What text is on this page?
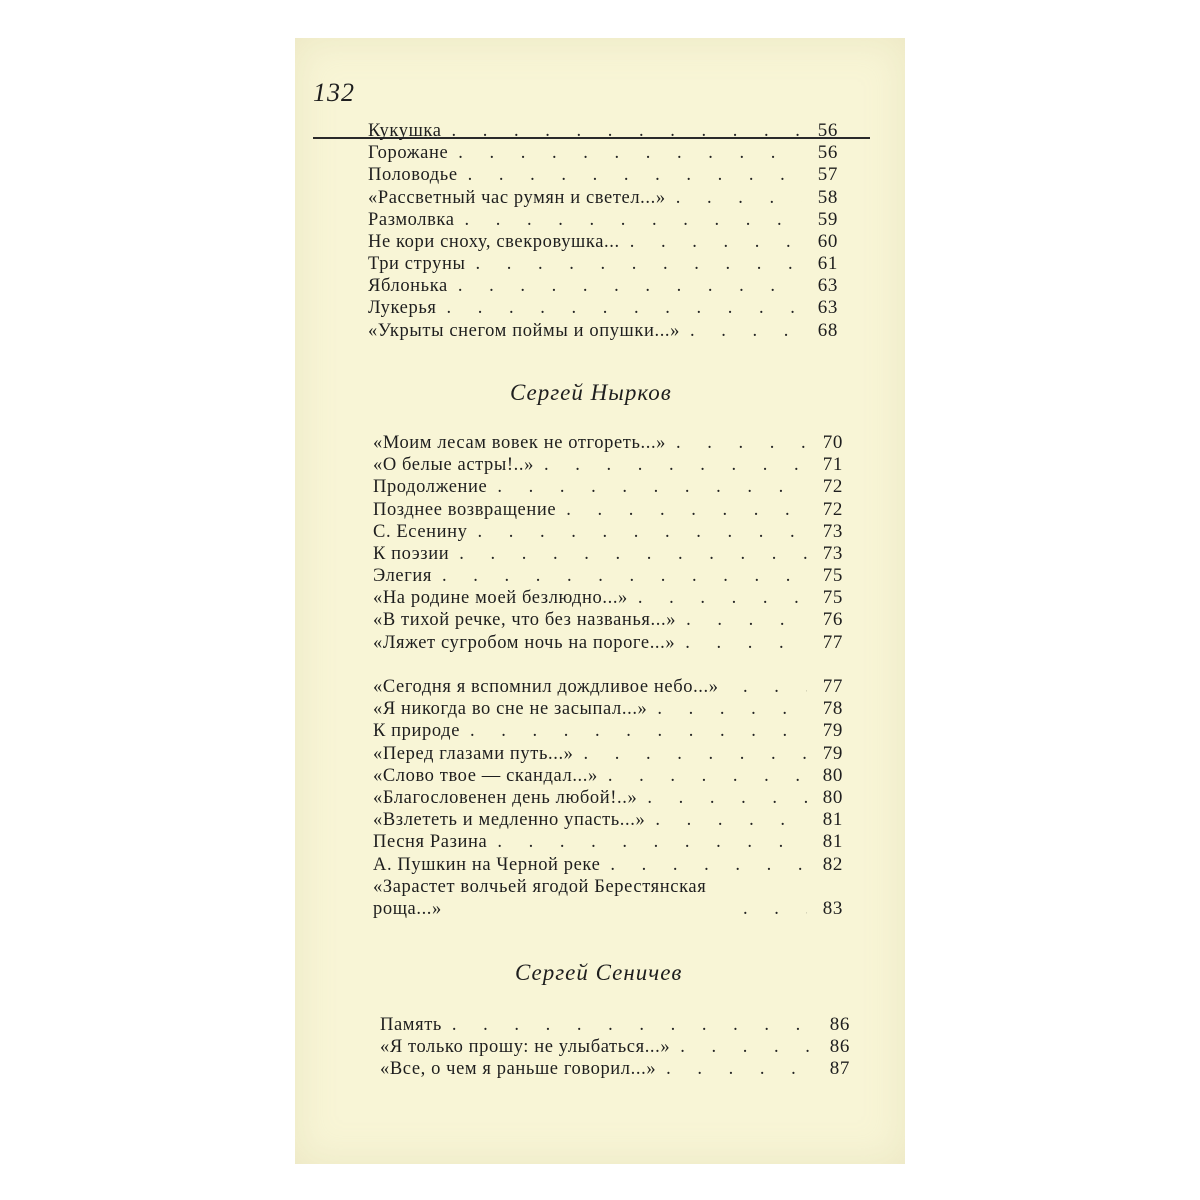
132
Кукушка . . .	56
Горожане . . .	56
Половодье . . .	57
«Рассветный час румян и светел...» . . .	58
Размолвка . . .	59
Не кори сноху, свекровушка... . . .	60
Три струны . . .	61
Яблонька . . .	63
Лукерья . . .	63
«Укрыты снегом поймы и опушки...» . . .	68
Сергей Нырков
«Моим лесам вовек не отгореть...» . . .	70
«О белые астры!..» . . .	71
Продолжение . . .	72
Позднее возвращение . . .	72
С. Есенину . . .	73
К поэзии . . .	73
Элегия . . .	75
«На родине моей безлюдно...» . . .	75
«В тихой речке, что без названья...» . . .	76
«Ляжет сугробом ночь на пороге...» . . .	77
«Сегодня я вспомнил дождливое небо...» . . .	77
«Я никогда во сне не засыпал...» . . .	78
К природе . . .	79
«Перед глазами путь...» . . .	79
«Слово твое — скандал...» . . .	80
«Благословенен день любой!..» . . .	80
«Взлететь и медленно упасть...» . . .	81
Песня Разина . . .	81
А. Пушкин на Черной реке . . .	82
«Зарастет волчьей ягодой Берестянская роща...» . . .	83
Сергей Сеничев
Память . . .	86
«Я только прошу: не улыбаться...» . . .	86
«Все, о чем я раньше говорил...» . . .	87
